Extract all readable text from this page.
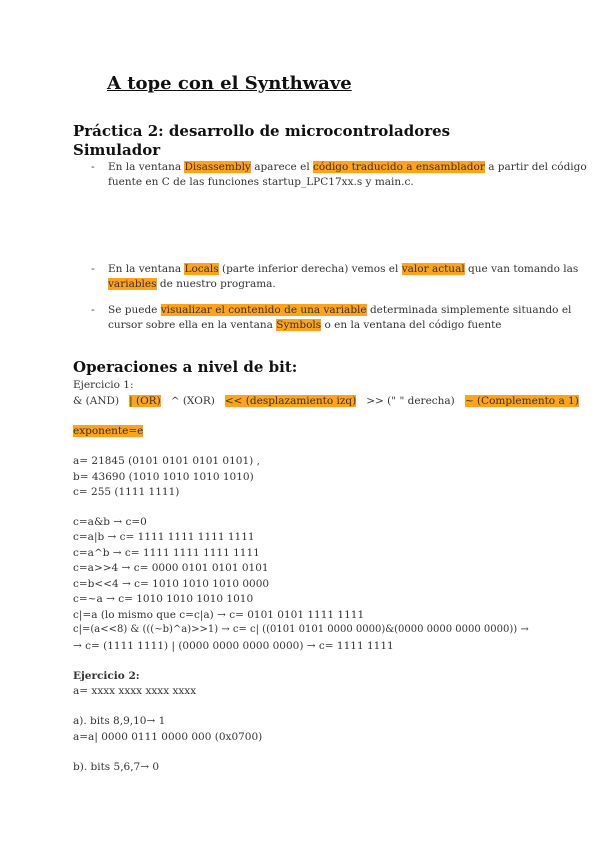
A tope con el Synthwave
Práctica 2: desarrollo de microcontroladores
Simulador
- En la ventana Disassembly aparece el código traducido a ensamblador a partir del código
fuente en C de las funciones startup_LPC17xx.s y main.c.
- En la ventana Locals (parte inferior derecha) vemos el valor actual que van tomando las
variables de nuestro programa.
- Se puede visualizar el contenido de una variable determinada simplemente situando el
cursor sobre ella en la ventana Symbols o en la ventana del código fuente
Operaciones a nivel de bit:
Ejercicio 1:
& (AND) | (OR) ^ (XOR) << (desplazamiento izq) >> (" " derecha) ~ (Complemento a 1)
exponente=e
a= 21845 (0101 0101 0101 0101) ,
b= 43690 (1010 1010 1010 1010)
c= 255 (1111 1111)
c=a&b → c=0
c=a|b → c= 1111 1111 1111 1111
c=a^b → c= 1111 1111 1111 1111
c=a>>4 → c= 0000 0101 0101 0101
c=b<<4 → c= 1010 1010 1010 0000
c=~a → c= 1010 1010 1010 1010
c|=a (lo mismo que c=c|a) → c= 0101 0101 1111 1111
c|=(a<<8) & (((~b)^a)>>1) → c= c| ((0101 0101 0000 0000)&(0000 0000 0000 0000)) →
→ c= (1111 1111) | (0000 0000 0000 0000) → c= 1111 1111
Ejercicio 2:
a= xxxx xxxx xxxx xxxx
a). bits 8,9,10→ 1
a=a| 0000 0111 0000 000 (0x0700)
b). bits 5,6,7→ 0
